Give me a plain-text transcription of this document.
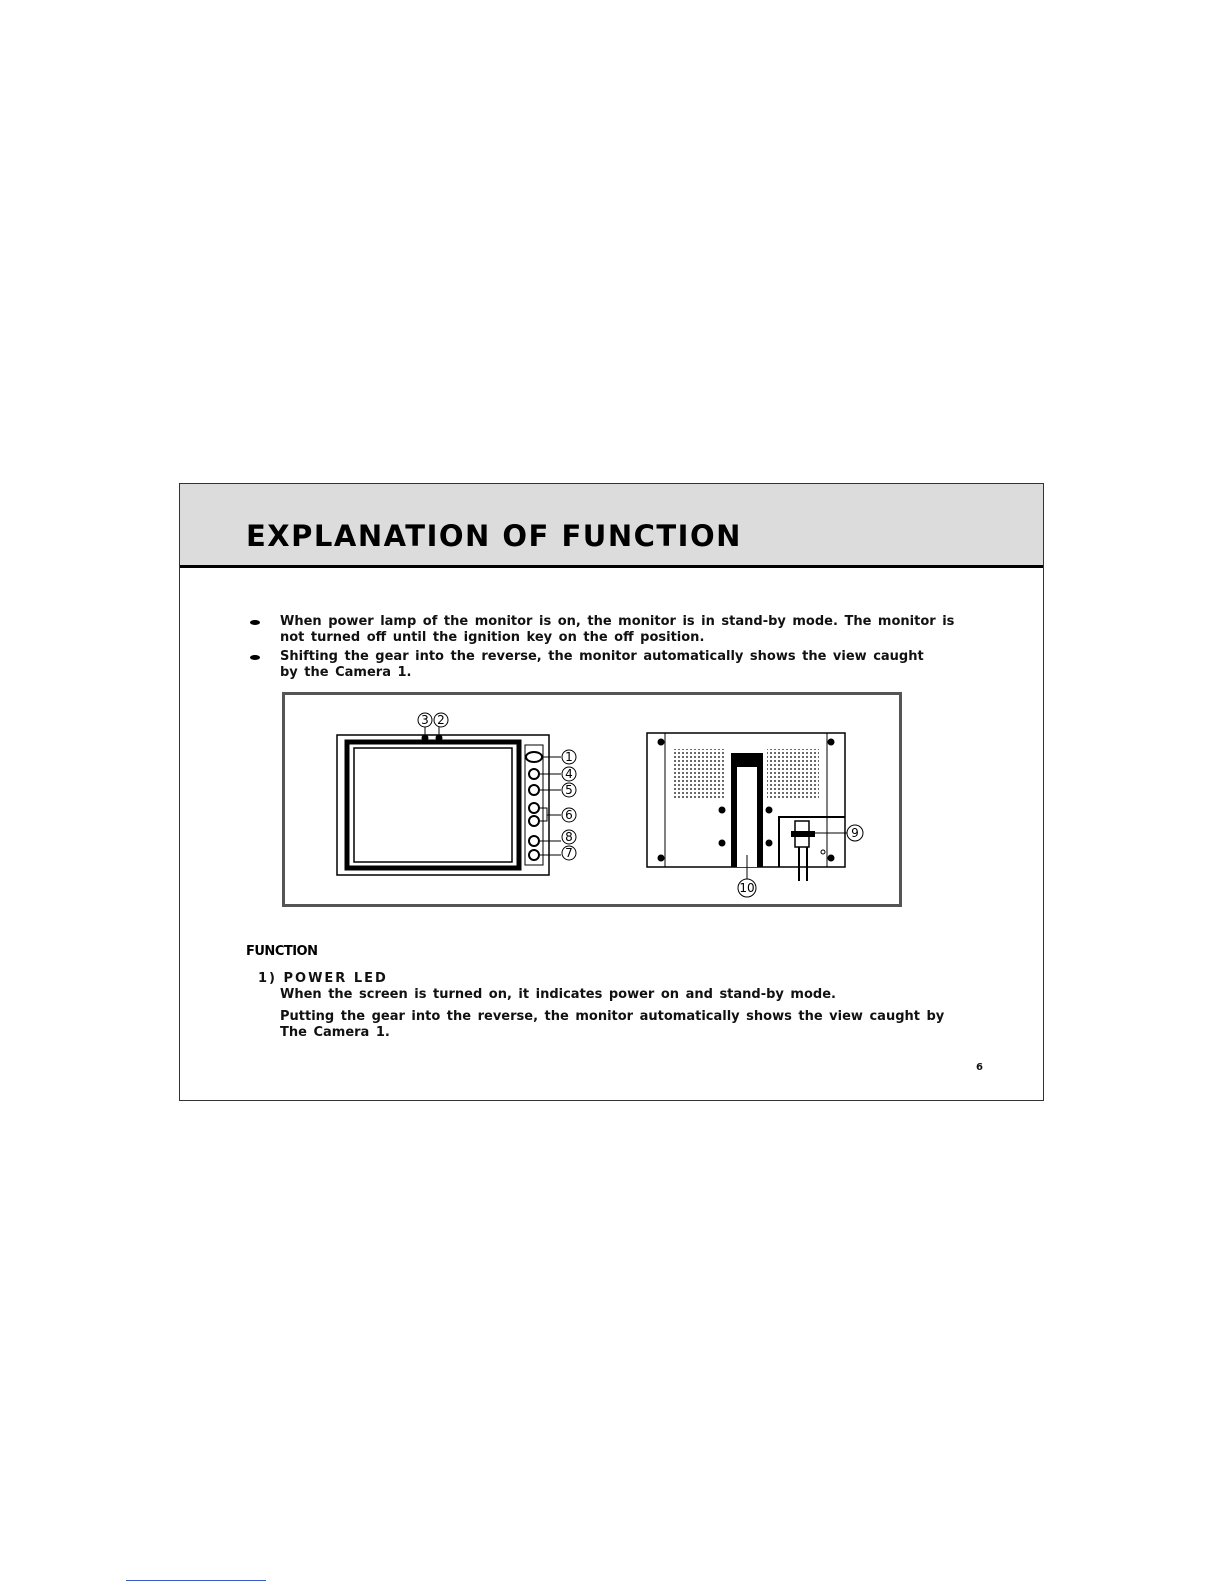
EXPLANATION OF FUNCTION
When power lamp of the monitor is on, the monitor is in stand-by mode. The monitor is
not turned off until the ignition key on the off position.
Shifting the gear into the reverse, the monitor automatically shows the view caught
by the Camera 1.
3 2
1
4
5
6
8
7
9
10
FUNCTION
1) POWER LED
When the screen is turned on, it indicates power on and stand-by mode.
Putting the gear into the reverse, the monitor automatically shows the view caught by
The Camera 1.
6
